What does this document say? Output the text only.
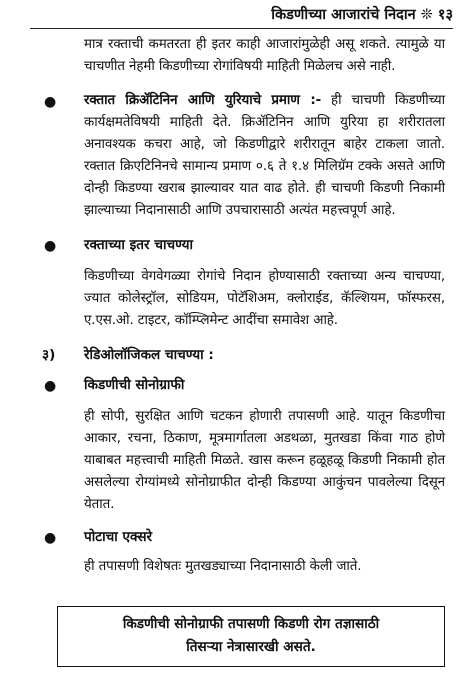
किडणीच्या आजारांचे निदान ❊ १३

मात्र रक्ताची कमतरता ही इतर काही आजारांमुळेही असू शकते. त्यामुळे या चाचणीत नेहमी किडणीच्या रोगांविषयी माहिती मिळेलच असे नाही.

● रक्तात क्रिॲटिनिन आणि युरियाचे प्रमाण :- ही चाचणी किडणीच्या कार्यक्षमतेविषयी माहिती देते. क्रिॲटिनिन आणि युरिया हा शरीरातला अनावश्यक कचरा आहे, जो किडणीद्वारे शरीरातून बाहेर टाकला जातो. रक्तात क्रिएटिनिनचे सामान्य प्रमाण ०.६ ते १.४ मिलिग्रॅम टक्के असते आणि दोन्ही किडण्या खराब झाल्यावर यात वाढ होते. ही चाचणी किडणी निकामी झाल्याच्या निदानासाठी आणि उपचारासाठी अत्यंत महत्त्वपूर्ण आहे.

● रक्ताच्या इतर चाचण्या

किडणीच्या वेगवेगळ्या रोगांचे निदान होण्यासाठी रक्ताच्या अन्य चाचण्या, ज्यात कोलेस्ट्रॉल, सोडियम, पोटॅशिअम, क्लोराईड, कॅल्शियम, फॉस्फरस, ए.एस.ओ. टाइटर, कॉम्प्लिमेन्ट आदींचा समावेश आहे.

३) रेडिओलॉजिकल चाचण्या :

● किडणीची सोनोग्राफी

ही सोपी, सुरक्षित आणि चटकन होणारी तपासणी आहे. यातून किडणीचा आकार, रचना, ठिकाण, मूत्रमार्गातला अडथळा, मुतखडा किंवा गाठ होणे याबाबत महत्त्वाची माहिती मिळते. खास करून हळूहळू किडणी निकामी होत असलेल्या रोग्यांमध्ये सोनोग्राफीत दोन्ही किडण्या आकुंचन पावलेल्या दिसून येतात.

● पोटाचा एक्सरे

ही तपासणी विशेषतः मुतखड्याच्या निदानासाठी केली जाते.

किडणीची सोनोग्राफी तपासणी किडणी रोग तज्ञासाठी
तिसऱ्या नेत्रासारखी असते.
